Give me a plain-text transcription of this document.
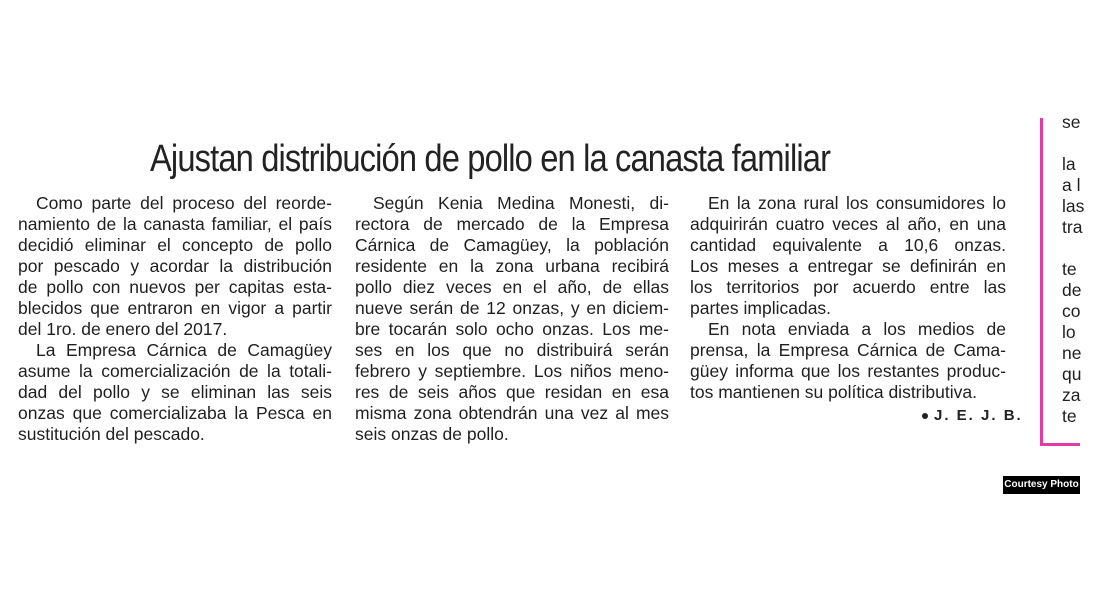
Ajustan distribución de pollo en la canasta familiar
Como parte del proceso del reorde-
namiento de la canasta familiar, el país
decidió eliminar el concepto de pollo
por pescado y acordar la distribución
de pollo con nuevos per capitas esta-
blecidos que entraron en vigor a partir
del 1ro. de enero del 2017.
La Empresa Cárnica de Camagüey
asume la comercialización de la totali-
dad del pollo y se eliminan las seis
onzas que comercializaba la Pesca en
sustitución del pescado.
Según Kenia Medina Monesti, di-
rectora de mercado de la Empresa
Cárnica de Camagüey, la población
residente en la zona urbana recibirá
pollo diez veces en el año, de ellas
nueve serán de 12 onzas, y en diciem-
bre tocarán solo ocho onzas. Los me-
ses en los que no distribuirá serán
febrero y septiembre. Los niños meno-
res de seis años que residan en esa
misma zona obtendrán una vez al mes
seis onzas de pollo.
En la zona rural los consumidores lo
adquirirán cuatro veces al año, en una
cantidad equivalente a 10,6 onzas.
Los meses a entregar se definirán en
los territorios por acuerdo entre las
partes implicadas.
En nota enviada a los medios de
prensa, la Empresa Cárnica de Cama-
güey informa que los restantes produc-
tos mantienen su política distributiva.
J. E. J. B.
se
la
a l
las
tra
te
de
co
lo
ne
qu
za
te
Courtesy Photo
